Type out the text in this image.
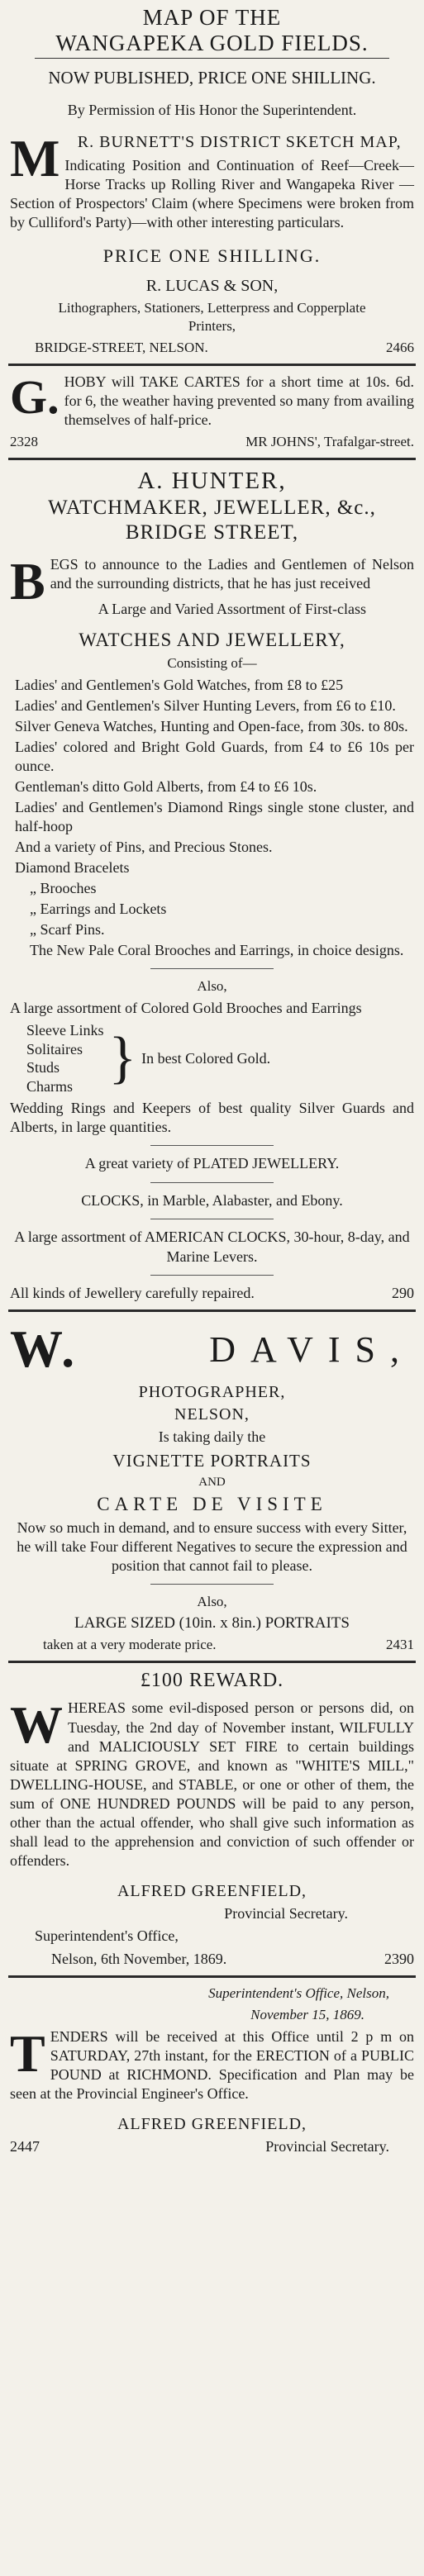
MAP OF THE
WANGAPEKA GOLD FIELDS.

NOW PUBLISHED, PRICE ONE SHILLING.

By Permission of His Honor the Superintendent.

M	R. BURNETT'S DISTRICT SKETCH MAP,

Indicating Position and Continuation of Reef—Creek—Horse Tracks up Rolling River and Wangapeka River — Section of Prospectors' Claim (where Specimens were broken from by Culliford's Party)—with other interesting particulars.

PRICE ONE SHILLING.

R. LUCAS & SON,

Lithographers, Stationers, Letterpress and Copperplate Printers,

BRIDGE-STREET, NELSON.	2466
G. HOBY will TAKE CARTES for a short time at 10s. 6d. for 6, the weather having prevented so many from availing themselves of half-price.

2328	MR JOHNS', Trafalgar-street.
A. HUNTER,
WATCHMAKER, JEWELLER, &c.,
BRIDGE STREET,
B EGS to announce to the Ladies and Gentlemen of Nelson and the surrounding districts, that he has just received

A Large and Varied Assortment of First-class

WATCHES AND JEWELLERY,

Consisting of—

Ladies' and Gentlemen's Gold Watches, from £8 to £25

Ladies' and Gentlemen's Silver Hunting Levers, from £6 to £10.

Silver Geneva Watches, Hunting and Open-face, from 30s. to 80s.

Ladies' colored and Bright Gold Guards, from £4 to £6 10s per ounce.

Gentleman's ditto Gold Alberts, from £4 to £6 10s.

Ladies' and Gentlemen's Diamond Rings single stone cluster, and half-hoop

And a variety of Pins, and Precious Stones.

Diamond Bracelets

„ Brooches

„ Earrings and Lockets

„ Scarf Pins.

The New Pale Coral Brooches and Earrings, in choice designs.

Also,

A large assortment of Colored Gold Brooches and Earrings

Sleeve Links
Solitaires
Studs
Charms } In best Colored Gold.

Wedding Rings and Keepers of best quality Silver Guards and Alberts, in large quantities.

A great variety of PLATED JEWELLERY.

CLOCKS, in Marble, Alabaster, and Ebony.

A large assortment of AMERICAN CLOCKS, 30-hour, 8-day, and Marine Levers.

All kinds of Jewellery carefully repaired.	290
W.	DAVIS,

PHOTOGRAPHER,

NELSON,

Is taking daily the

VIGNETTE PORTRAITS

AND

CARTE DE VISITE

Now so much in demand, and to ensure success with every Sitter, he will take Four different Negatives to secure the expression and position that cannot fail to please.

Also,

LARGE SIZED (10in. x 8in.) PORTRAITS

taken at a very moderate price.	2431

£100 REWARD.

W HEREAS some evil-disposed person or persons did, on Tuesday, the 2nd day of November instant, WILFULLY and MALICIOUSLY SET FIRE to certain buildings situate at SPRING GROVE, and known as "WHITE'S MILL," DWELLING-HOUSE, and STABLE, or one or other of them, the sum of ONE HUNDRED POUNDS will be paid to any person, other than the actual offender, who shall give such information as shall lead to the apprehension and conviction of such offender or offenders.

ALFRED GREENFIELD,

Provincial Secretary.

Superintendent's Office,

Nelson, 6th November, 1869.	2390

Superintendent's Office, Nelson,

November 15, 1869.

T ENDERS will be received at this Office until 2 p m on SATURDAY, 27th instant, for the ERECTION of a PUBLIC POUND at RICHMOND. Specification and Plan may be seen at the Provincial Engineer's Office.

ALFRED GREENFIELD,

2447	Provincial Secretary.
